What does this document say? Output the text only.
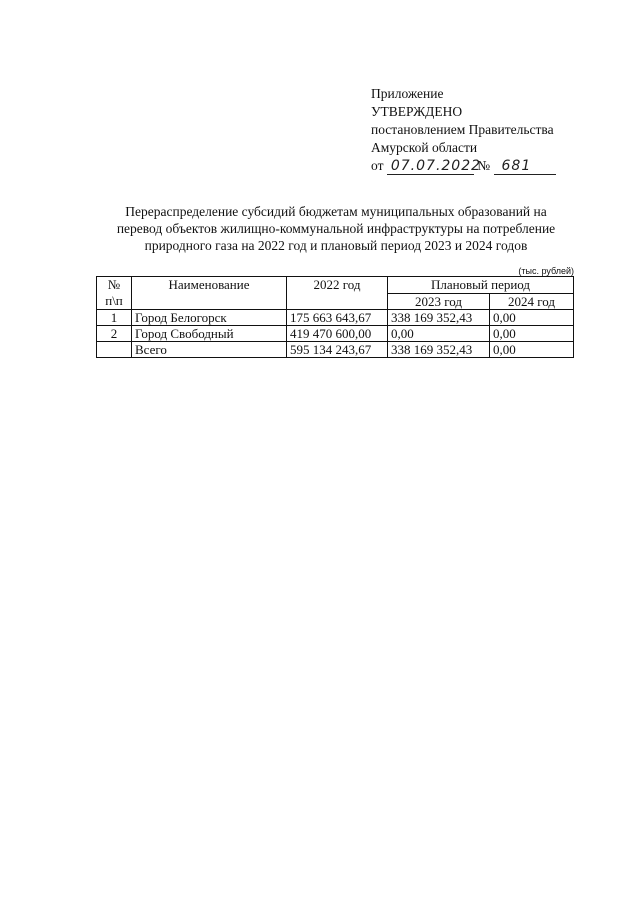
Приложение
УТВЕРЖДЕНО
постановлением Правительства
Амурской области
от 07.07.2022 № 681
Перераспределение субсидий бюджетам муниципальных образований на
перевод объектов жилищно-коммунальной инфраструктуры на потребление
природного газа на 2022 год и плановый период 2023 и 2024 годов
(тыс. рублей)
№ п\п	Наименование	2022 год	Плановый период	
			2023 год	2024 год
1	Город Белогорск	175 663 643,67	338 169 352,43	0,00
2	Город Свободный	419 470 600,00	0,00	0,00
	Всего	595 134 243,67	338 169 352,43	0,00
